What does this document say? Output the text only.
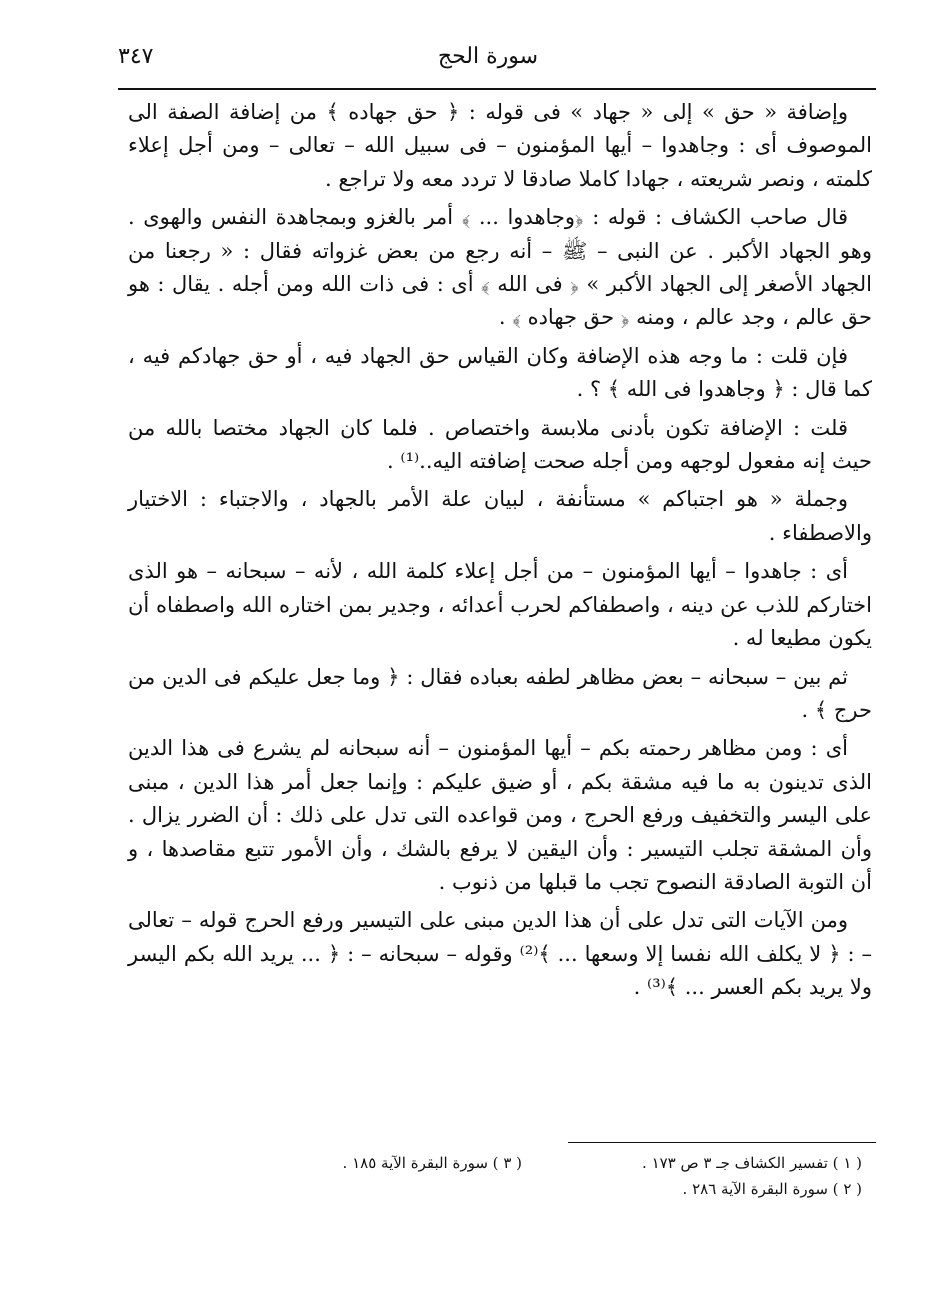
سورة الحج
٣٤٧

وإضافة « حق » إلى « جهاد » فى قوله : ﴿ حق جهاده ﴾ من إضافة الصفة الى الموصوف أى : وجاهدوا – أيها المؤمنون – فى سبيل الله – تعالى – ومن أجل إعلاء كلمته ، ونصر شريعته ، جهادا كاملا صادقا لا تردد معه ولا تراجع .

قال صاحب الكشاف : قوله : ﴿وجاهدوا ... ﴾ أمر بالغزو وبمجاهدة النفس والهوى . وهو الجهاد الأكبر . عن النبى – ﷺ – أنه رجع من بعض غزواته فقال : « رجعنا من الجهاد الأصغر إلى الجهاد الأكبر » ﴿ فى الله ﴾ أى : فى ذات الله ومن أجله . يقال : هو حق عالم ، وجد عالم ، ومنه ﴿ حق جهاده ﴾ .

فإن قلت : ما وجه هذه الإضافة وكان القياس حق الجهاد فيه ، أو حق جهادكم فيه ، كما قال : ﴿ وجاهدوا فى الله ﴾ ؟ .

قلت : الإضافة تكون بأدنى ملابسة واختصاص . فلما كان الجهاد مختصا بالله من حيث إنه مفعول لوجهه ومن أجله صحت إضافته اليه..⁽¹⁾ .

وجملة « هو اجتباكم » مستأنفة ، لبيان علة الأمر بالجهاد ، والاجتباء : الاختيار والاصطفاء .

أى : جاهدوا – أيها المؤمنون – من أجل إعلاء كلمة الله ، لأنه – سبحانه – هو الذى اختاركم للذب عن دينه ، واصطفاكم لحرب أعدائه ، وجدير بمن اختاره الله واصطفاه أن يكون مطيعا له .

ثم بين – سبحانه – بعض مظاهر لطفه بعباده فقال : ﴿ وما جعل عليكم فى الدين من حرج ﴾ .

أى : ومن مظاهر رحمته بكم – أيها المؤمنون – أنه سبحانه لم يشرع فى هذا الدين الذى تدينون به ما فيه مشقة بكم ، أو ضيق عليكم : وإنما جعل أمر هذا الدين ، مبنى على اليسر والتخفيف ورفع الحرج ، ومن قواعده التى تدل على ذلك : أن الضرر يزال . وأن المشقة تجلب التيسير : وأن اليقين لا يرفع بالشك ، وأن الأمور تتبع مقاصدها ، و أن التوبة الصادقة النصوح تجب ما قبلها من ذنوب .

ومن الآيات التى تدل على أن هذا الدين مبنى على التيسير ورفع الحرج قوله – تعالى – : ﴿ لا يكلف الله نفسا إلا وسعها ... ﴾⁽²⁾ وقوله – سبحانه – : ﴿ ... يريد الله بكم اليسر ولا يريد بكم العسر ... ﴾⁽³⁾ .

( ١ ) تفسير الكشاف جـ ٣ ص ١٧٣ .
( ٣ ) سورة البقرة الآية ١٨٥ .
( ٢ ) سورة البقرة الآية ٢٨٦ .
